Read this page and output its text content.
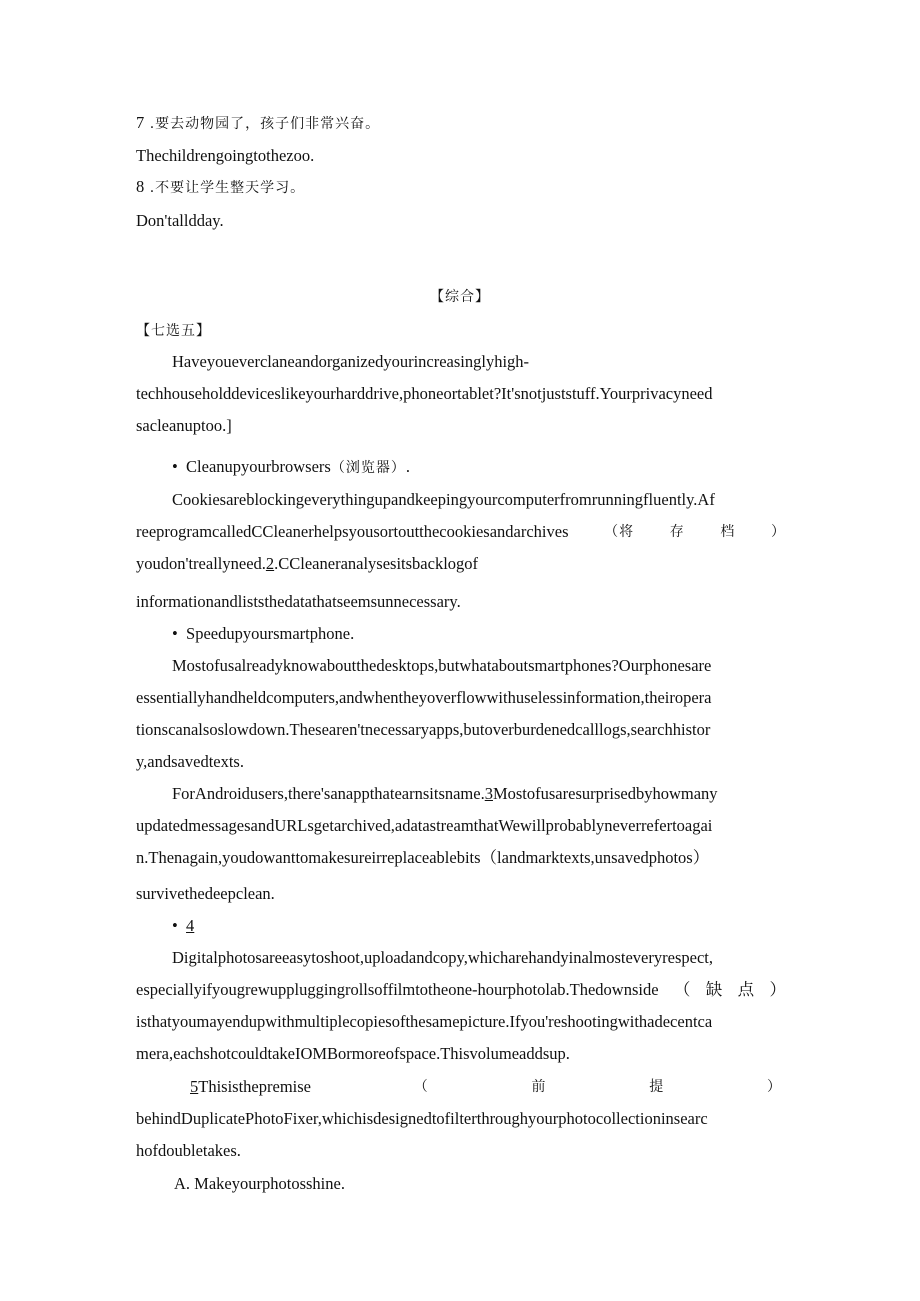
7 .要去动物园了，孩子们非常兴奋。
Thechildrengoingtothezoo.
8 .不要让学生整天学习。
Don'talldday.
【综合】
【七选五】
Haveyoueverclaneandorganizedyourincreasinglyhigh-
techhouseholddeviceslikeyourharddrive,phoneortablet?It'snotjuststuff.Yourprivacyneed
sacleanuptoo.]
• Cleanupyourbrowsers（浏览器）.
Cookiesareblockingeverythingupandkeepingyourcomputerfromrunningfluently.Af
reeprogramcalledCCleanerhelpsyousortoutthecookiesandarchives	（将	存	档	）
youdon'treallyneed.2.CCleaneranalysesitsbacklogof
informationandliststhedatathatseemsunnecessary.
• Speedupyoursmartphone.
Mostofusalreadyknowaboutthedesktops,butwhataboutsmartphones?Ourphonesare
essentiallyhandheldcomputers,andwhentheyoverflowwithuselessinformation,theiropera
tionscanalsoslowdown.Thesearen'tnecessaryapps,butoverburdenedcalllogs,searchhistor
y,andsavedtexts.
ForAndroidusers,there'sanappthatearnsitsname.3Mostofusaresurprisedbyhowmany
updatedmessagesandURLsgetarchived,adatastreamthatWewillprobablyneverrefertoagai
n.Thenagain,youdowanttomakesureirreplaceablebits（landmarktexts,unsavedphotos）
survivethedeepclean.
• 4
Digitalphotosareeasytoshoot,uploadandcopy,whicharehandyinalmosteveryrespect,
especiallyifyougrewuppluggingrollsoffilmtotheone-hourphotolab.Thedownside（缺点）
isthatyoumayendupwithmultiplecopiesofthesamepicture.Ifyou'reshootingwithadecentca
mera,eachshotcouldtakeIOMBormoreofspace.Thisvolumeaddsup.
5Thisisthepremise	（	前	提	）
behindDuplicatePhotoFixer,whichisdesignedtofilterthroughyourphotocollectioninsearc
hofdoubletakes.
A. Makeyourphotosshine.
